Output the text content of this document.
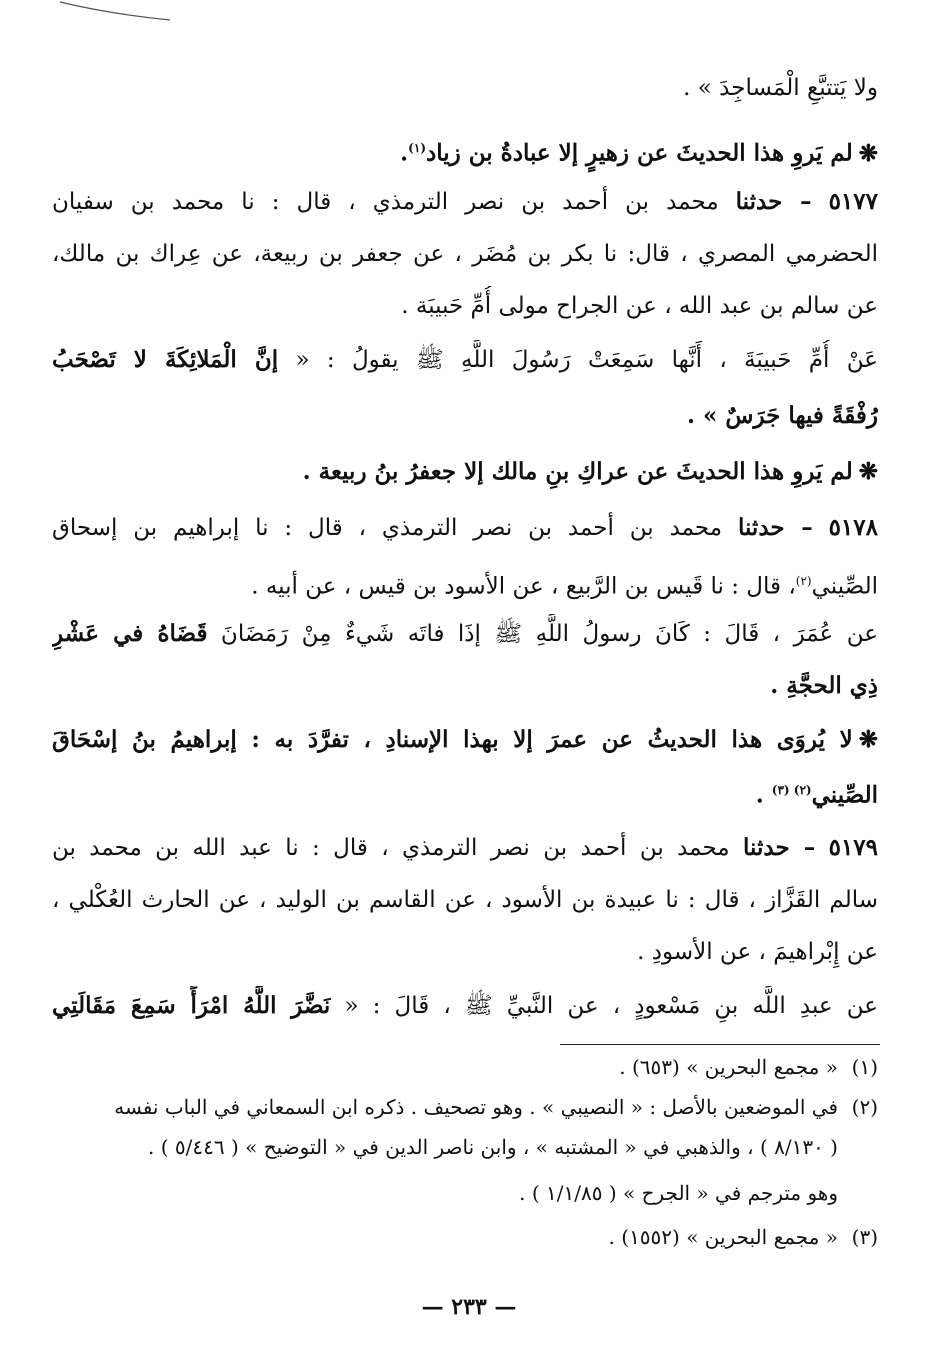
ولا يَتتبَّعِ الْمَساجِدَ » .
❋لم يَروِ هذا الحديثَ عن زهيرٍ إلا عبادةُ بن زياد$^{(١)}$.
٥١٧٧ – حدثنا محمد بن أحمد بن نصر الترمذي ، قال : نا محمد بن سفيان
الحضرمي المصري ، قال: نا بكر بن مُضَر ، عن جعفر بن ربيعة، عن عِراك بن مالك،
عن سالم بن عبد الله ، عن الجراح مولى أُمِّ حَبيبَة .
عَنْ أُمِّ حَبيبَةَ ، أَنَّها سَمِعَتْ رَسُولَ اللَّهِ ﷺ يقولُ : « إنَّ الْمَلائِكَةَ لا تَصْحَبُ
رُفْقَةً فيها جَرَسٌ » .
❋لم يَروِ هذا الحديثَ عن عراكِ بنِ مالك إلا جعفرُ بنُ ربيعة .
٥١٧٨ – حدثنا محمد بن أحمد بن نصر الترمذي ، قال : نا إبراهيم بن إسحاق
الصِّيني$^{(٢)}$، قال : نا قَيس بن الرَّبيع ، عن الأسود بن قيس ، عن أبيه .
عن عُمَرَ ، قَالَ : كَانَ رسولُ اللَّهِ ﷺ إذَا فاتَه شَيءٌ مِنْ رَمَضَانَ قَضَاهُ في عَشْرِ
ذِي الحجَّةِ .
❋لا يُروَى هذا الحديثُ عن عمرَ إلا بهذا الإسنادِ ، تفرَّدَ به : إبراهيمُ بنُ إسْحَاقَ
الصِّيني$^{(٢) (٣)}$ .
٥١٧٩ – حدثنا محمد بن أحمد بن نصر الترمذي ، قال : نا عبد الله بن محمد بن
سالم القَزَّاز ، قال : نا عبيدة بن الأسود ، عن القاسم بن الوليد ، عن الحارث العُكْلي ،
عن إِبْراهيمَ ، عن الأسودِ .
عن عبدِ اللَّه بنِ مَسْعودٍ ، عن النَّبيِّ ﷺ ، قَالَ : « نَضَّرَ اللَّهُ امْرَأً سَمِعَ مَقَالَتِي
(١)« مجمع البحرين » (٦٥٣) .
(٢)في الموضعين بالأصل : « النصيبي » . وهو تصحيف . ذكره ابن السمعاني في الباب نفسه
( ٨/١٣٠ ) ، والذهبي في « المشتبه » ، وابن ناصر الدين في « التوضيح » ( ٥/٤٤٦ ) .
وهو مترجم في « الجرح » ( ١/١/٨٥ ) .
(٣)« مجمع البحرين » (١٥٥٢) .
— ٢٣٣ —
